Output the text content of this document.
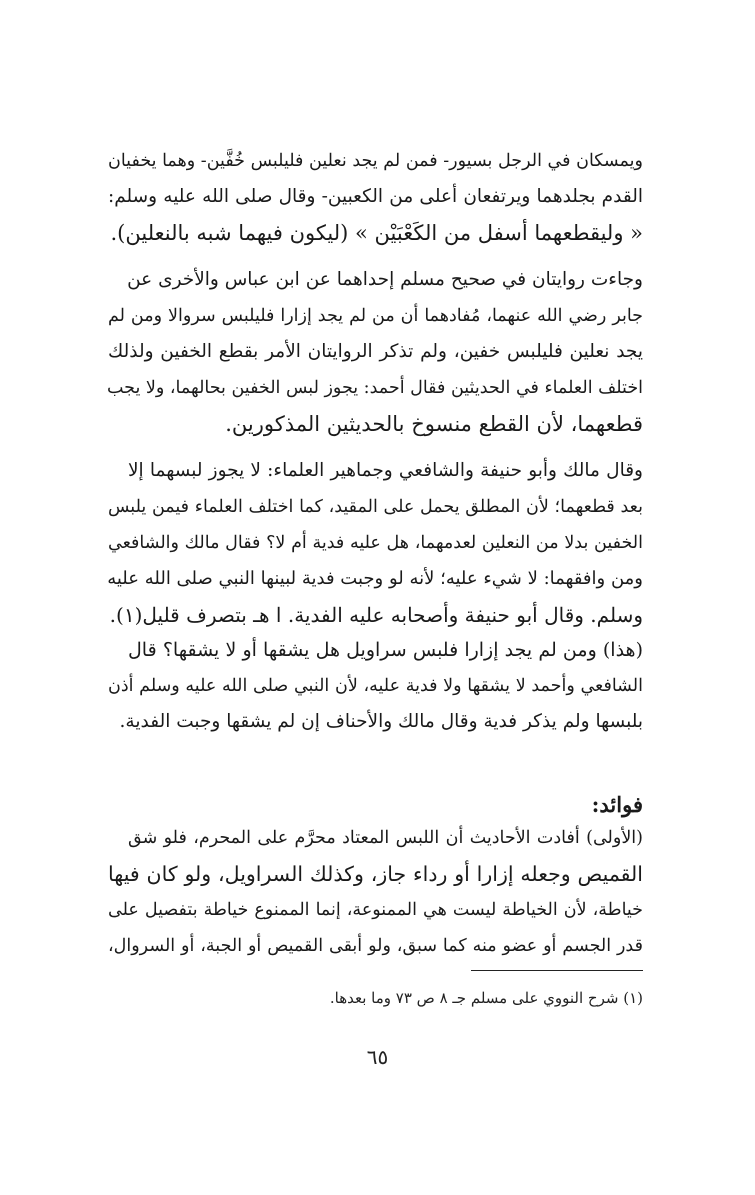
ويمسكان في الرجل بسيور- فمن لم يجد نعلين فليلبس خُفَّين- وهما يخفيان
القدم بجلدهما ويرتفعان أعلى من الكعبين- وقال صلى الله عليه وسلم:
« وليقطعهما أسفل من الكَعْبَيْن » (ليكون فيهما شبه بالنعلين).
وجاءت روايتان في صحيح مسلم إحداهما عن ابن عباس والأخرى عن
جابر رضي الله عنهما، مُفادهما أن من لم يجد إزارا فليلبس سروالا ومن لم
يجد نعلين فليلبس خفين، ولم تذكر الروايتان الأمر بقطع الخفين ولذلك
اختلف العلماء في الحديثين فقال أحمد: يجوز لبس الخفين بحالهما، ولا يجب
قطعهما، لأن القطع منسوخ بالحديثين المذكورين.
وقال مالك وأبو حنيفة والشافعي وجماهير العلماء: لا يجوز لبسهما إلا
بعد قطعهما؛ لأن المطلق يحمل على المقيد، كما اختلف العلماء فيمن يلبس
الخفين بدلا من النعلين لعدمهما، هل عليه فدية أم لا؟ فقال مالك والشافعي
ومن وافقهما: لا شيء عليه؛ لأنه لو وجبت فدية لبينها النبي صلى الله عليه
وسلم. وقال أبو حنيفة وأصحابه عليه الفدية. ا هـ بتصرف قليل(١).
(هذا) ومن لم يجد إزارا فلبس سراويل هل يشقها أو لا يشقها؟ قال
الشافعي وأحمد لا يشقها ولا فدية عليه، لأن النبي صلى الله عليه وسلم أذن
بلبسها ولم يذكر فدية وقال مالك والأحناف إن لم يشقها وجبت الفدية.
فوائد:
(الأولى) أفادت الأحاديث أن اللبس المعتاد محرَّم على المحرم، فلو شق
القميص وجعله إزارا أو رداء جاز، وكذلك السراويل، ولو كان فيها
خياطة، لأن الخياطة ليست هي الممنوعة، إنما الممنوع خياطة بتفصيل على
قدر الجسم أو عضو منه كما سبق، ولو أبقى القميص أو الجبة، أو السروال،
(١) شرح النووي على مسلم جـ ٨ ص ٧٣ وما بعدها.
٦٥
